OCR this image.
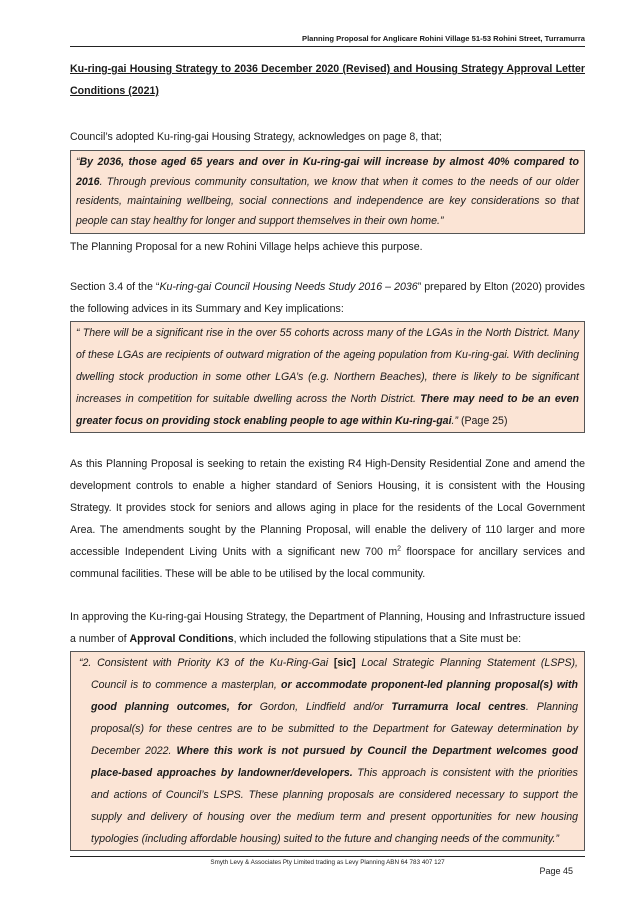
Planning Proposal for Anglicare Rohini Village 51-53 Rohini Street, Turramurra

Ku-ring-gai Housing Strategy to 2036 December 2020 (Revised) and Housing Strategy Approval Letter Conditions (2021)

Council’s adopted Ku-ring-gai Housing Strategy, acknowledges on page 8, that;

“By 2036, those aged 65 years and over in Ku-ring-gai will increase by almost 40% compared to 2016. Through previous community consultation, we know that when it comes to the needs of our older residents, maintaining wellbeing, social connections and independence are key considerations so that people can stay healthy for longer and support themselves in their own home.”

The Planning Proposal for a new Rohini Village helps achieve this purpose.

Section 3.4 of the “Ku-ring-gai Council Housing Needs Study 2016 – 2036” prepared by Elton (2020) provides the following advices in its Summary and Key implications:

“ There will be a significant rise in the over 55 cohorts across many of the LGAs in the North District. Many of these LGAs are recipients of outward migration of the ageing population from Ku-ring-gai. With declining dwelling stock production in some other LGA’s (e.g. Northern Beaches), there is likely to be significant increases in competition for suitable dwelling across the North District. There may need to be an even greater focus on providing stock enabling people to age within Ku-ring-gai.” (Page 25)

As this Planning Proposal is seeking to retain the existing R4 High-Density Residential Zone and amend the development controls to enable a higher standard of Seniors Housing, it is consistent with the Housing Strategy. It provides stock for seniors and allows aging in place for the residents of the Local Government Area. The amendments sought by the Planning Proposal, will enable the delivery of 110 larger and more accessible Independent Living Units with a significant new 700 $m^2$ floorspace for ancillary services and communal facilities. These will be able to be utilised by the local community.

In approving the Ku-ring-gai Housing Strategy, the Department of Planning, Housing and Infrastructure issued a number of Approval Conditions, which included the following stipulations that a Site must be:

“2. Consistent with Priority K3 of the Ku-Ring-Gai [sic] Local Strategic Planning Statement (LSPS), Council is to commence a masterplan, or accommodate proponent-led planning proposal(s) with good planning outcomes, for Gordon, Lindfield and/or Turramurra local centres. Planning proposal(s) for these centres are to be submitted to the Department for Gateway determination by December 2022. Where this work is not pursued by Council the Department welcomes good place-based approaches by landowner/developers. This approach is consistent with the priorities and actions of Council’s LSPS. These planning proposals are considered necessary to support the supply and delivery of housing over the medium term and present opportunities for new housing typologies (including affordable housing) suited to the future and changing needs of the community.”
Smyth Levy & Associates Pty Limited trading as Levy Planning ABN 64 783 407 127
Page 45
